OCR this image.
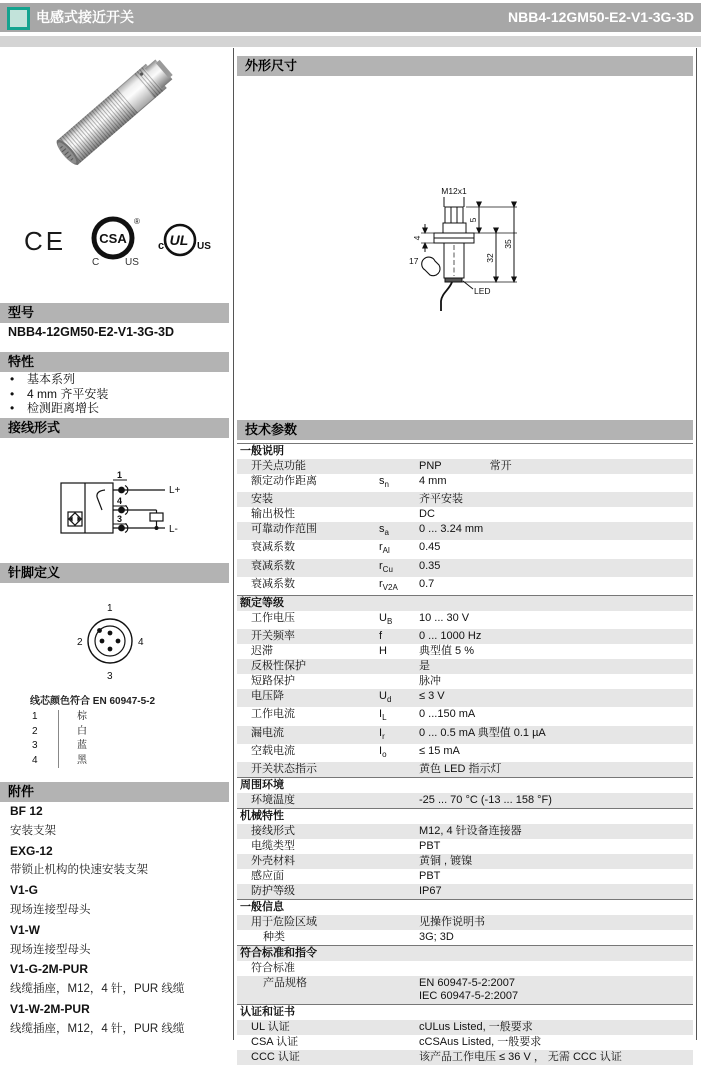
电感式接近开关	NBB4-12GM50-E2-V1-3G-3D
CE	CSA
®
C	US
UL
c	US
型号
NBB4-12GM50-E2-V1-3G-3D
特性
•	基本系列
•	4 mm 齐平安装
•	检测距离增长
接线形式
1
4
3
L+
L-
针脚定义
1
2	4
3
线芯颜色符合 EN 60947-5-2
1	棕
2	白
3	蓝
4	黑
附件
BF 12
安装支架
EXG-12
带锁止机构的快速安装支架
V1-G
现场连接型母头
V1-W
现场连接型母头
V1-G-2M-PUR
线缆插座，M12，4 针，PUR 线缆
V1-W-2M-PUR
线缆插座，M12，4 针，PUR 线缆
外形尺寸
M12x1
4
5
32
35
17
LED
技术参数
一般说明
开关点功能	PNP	常开
额定动作距离	$s_n$	4 mm
安装	齐平安装
输出极性	DC
可靠动作范围	$s_a$	0 ... 3.24 mm
衰减系数	$r_{Al}$	0.45
衰减系数	$r_{Cu}$	0.35
衰减系数	$r_{V2A}$	0.7
额定等级
工作电压	$U_B$	10 ... 30 V
开关频率	f	0 ... 1000 Hz
迟滞	H	典型值 5 %
反极性保护	是
短路保护	脉冲
电压降	$U_d$	≤ 3 V
工作电流	$I_L$	0 ...150 mA
漏电流	$I_r$	0 ... 0.5 mA 典型值 0.1 µA
空载电流	$I_o$	≤ 15 mA
开关状态指示	黄色 LED 指示灯
周围环境
环境温度	-25 ... 70 °C (-13 ... 158 °F)
机械特性
接线形式	M12, 4 针设备连接器
电缆类型	PBT
外壳材料	黄铜 , 镀镍
感应面	PBT
防护等级	IP67
一般信息
用于危险区域	见操作说明书
种类	3G; 3D
符合标准和指令
符合标准
产品规格	EN 60947-5-2:2007
IEC 60947-5-2:2007
认证和证书
UL 认证	cULus Listed, 一般要求
CSA 认证	cCSAus Listed, 一般要求
CCC 认证	该产品工作电压 ≤ 36 V ， 无需 CCC 认证
